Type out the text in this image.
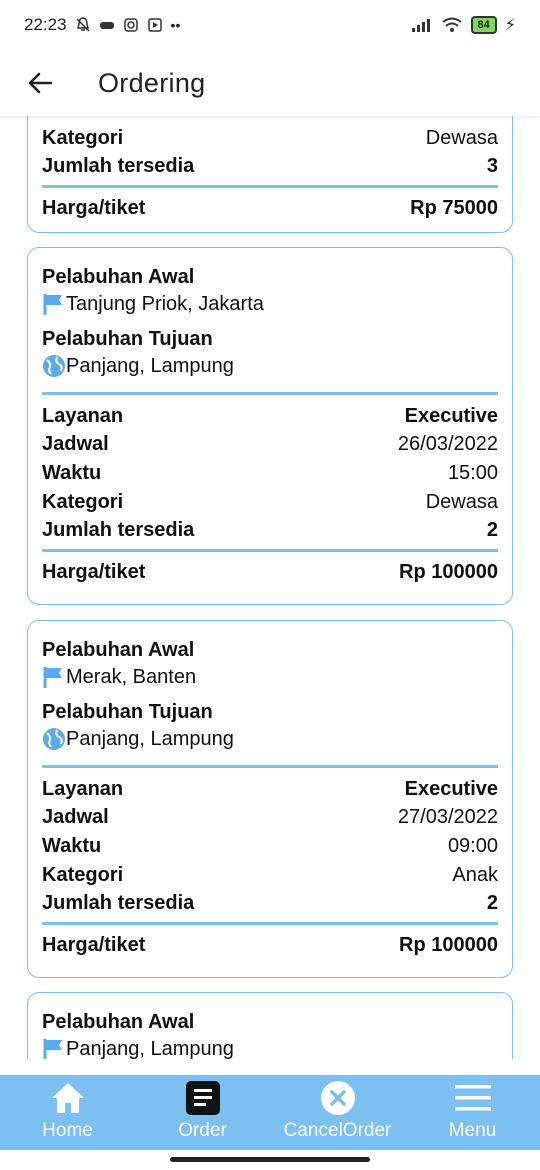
22:23	••	84 ⚡
Ordering
Kategori	Dewasa
Jumlah tersedia	3
Harga/tiket	Rp 75000
Pelabuhan Awal
Tanjung Priok, Jakarta
Pelabuhan Tujuan
Panjang, Lampung
Layanan	Executive
Jadwal	26/03/2022
Waktu	15:00
Kategori	Dewasa
Jumlah tersedia	2
Harga/tiket	Rp 100000
Pelabuhan Awal
Merak, Banten
Pelabuhan Tujuan
Panjang, Lampung
Layanan	Executive
Jadwal	27/03/2022
Waktu	09:00
Kategori	Anak
Jumlah tersedia	2
Harga/tiket	Rp 100000
Pelabuhan Awal
Panjang, Lampung
Home	Order	CancelOrder	Menu
